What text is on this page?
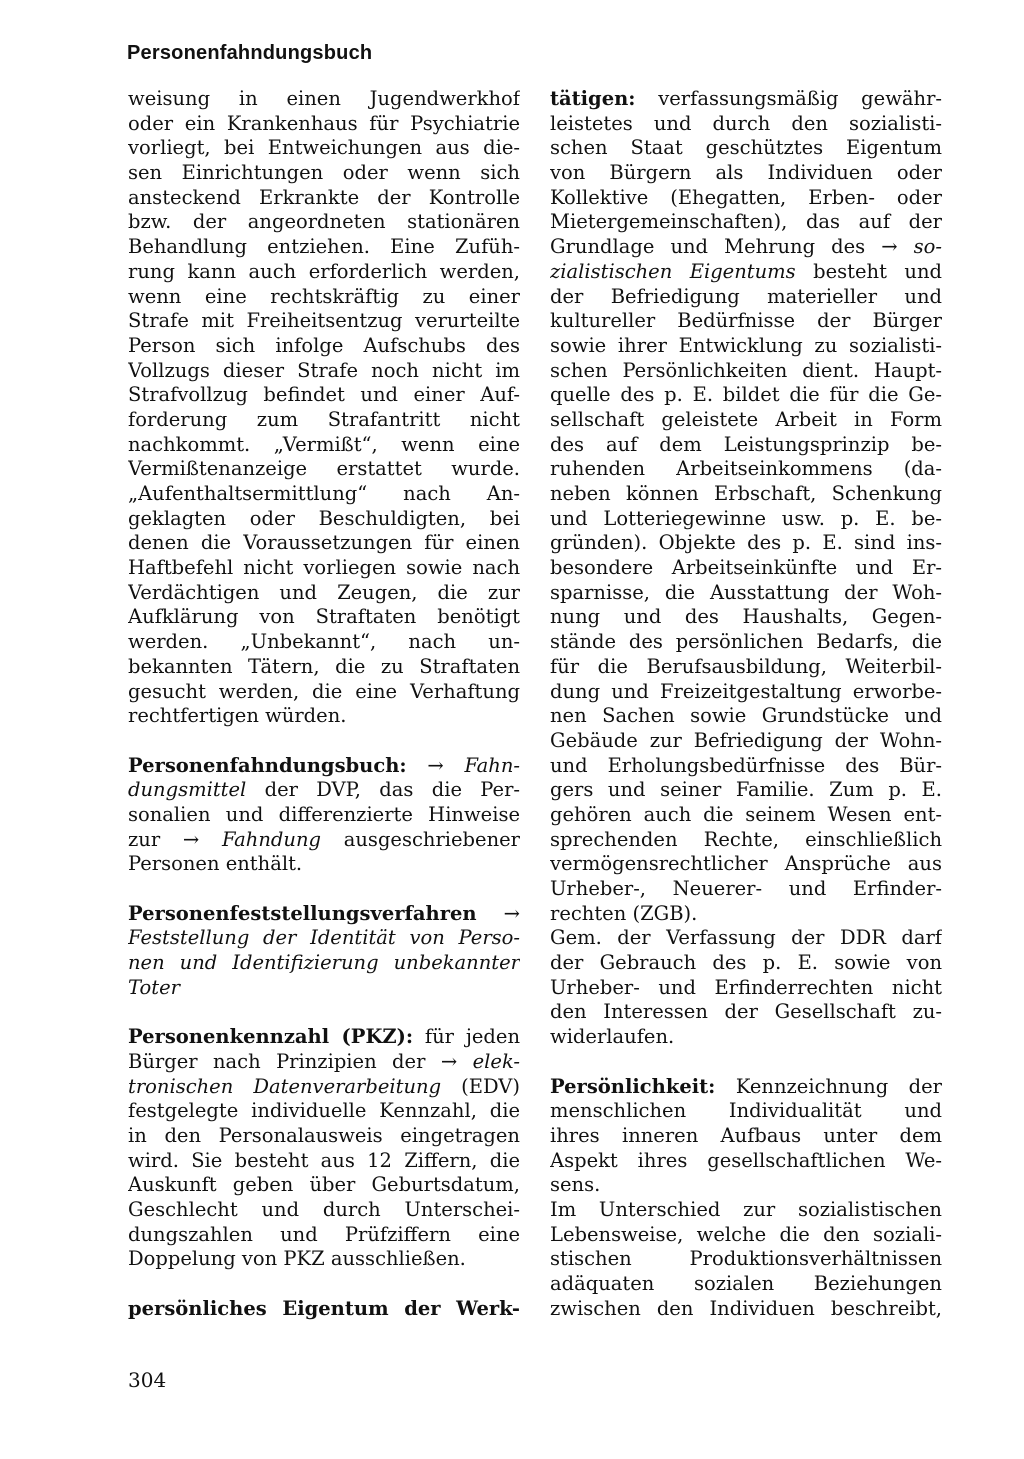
Personenfahndungsbuch
weisung in einen Jugendwerkhof
oder ein Krankenhaus für Psychiatrie
vorliegt, bei Entweichungen aus die-
sen Einrichtungen oder wenn sich
ansteckend Erkrankte der Kontrolle
bzw. der angeordneten stationären
Behandlung entziehen. Eine Zufüh-
rung kann auch erforderlich werden,
wenn eine rechtskräftig zu einer
Strafe mit Freiheitsentzug verurteilte
Person sich infolge Aufschubs des
Vollzugs dieser Strafe noch nicht im
Strafvollzug befindet und einer Auf-
forderung zum Strafantritt nicht
nachkommt. „Vermißt“, wenn eine
Vermißtenanzeige erstattet wurde.
„Aufenthaltsermittlung“ nach An-
geklagten oder Beschuldigten, bei
denen die Voraussetzungen für einen
Haftbefehl nicht vorliegen sowie nach
Verdächtigen und Zeugen, die zur
Aufklärung von Straftaten benötigt
werden. „Unbekannt“, nach un-
bekannten Tätern, die zu Straftaten
gesucht werden, die eine Verhaftung
rechtfertigen würden.
Personenfahndungsbuch: → Fahn-
dungsmittel der DVP, das die Per-
sonalien und differenzierte Hinweise
zur → Fahndung ausgeschriebener
Personen enthält.
Personenfeststellungsverfahren →
Feststellung der Identität von Perso-
nen und Identifizierung unbekannter
Toter
Personenkennzahl (PKZ): für jeden
Bürger nach Prinzipien der → elek-
tronischen Datenverarbeitung (EDV)
festgelegte individuelle Kennzahl, die
in den Personalausweis eingetragen
wird. Sie besteht aus 12 Ziffern, die
Auskunft geben über Geburtsdatum,
Geschlecht und durch Unterschei-
dungszahlen und Prüfziffern eine
Doppelung von PKZ ausschließen.
persönliches Eigentum der Werk-
tätigen: verfassungsmäßig gewähr-
leistetes und durch den sozialisti-
schen Staat geschütztes Eigentum
von Bürgern als Individuen oder
Kollektive (Ehegatten, Erben- oder
Mietergemeinschaften), das auf der
Grundlage und Mehrung des → so-
zialistischen Eigentums besteht und
der Befriedigung materieller und
kultureller Bedürfnisse der Bürger
sowie ihrer Entwicklung zu sozialisti-
schen Persönlichkeiten dient. Haupt-
quelle des p. E. bildet die für die Ge-
sellschaft geleistete Arbeit in Form
des auf dem Leistungsprinzip be-
ruhenden Arbeitseinkommens (da-
neben können Erbschaft, Schenkung
und Lotteriegewinne usw. p. E. be-
gründen). Objekte des p. E. sind ins-
besondere Arbeitseinkünfte und Er-
sparnisse, die Ausstattung der Woh-
nung und des Haushalts, Gegen-
stände des persönlichen Bedarfs, die
für die Berufsausbildung, Weiterbil-
dung und Freizeitgestaltung erworbe-
nen Sachen sowie Grundstücke und
Gebäude zur Befriedigung der Wohn-
und Erholungsbedürfnisse des Bür-
gers und seiner Familie. Zum p. E.
gehören auch die seinem Wesen ent-
sprechenden Rechte, einschließlich
vermögensrechtlicher Ansprüche aus
Urheber-, Neuerer- und Erfinder-
rechten (ZGB).
Gem. der Verfassung der DDR darf
der Gebrauch des p. E. sowie von
Urheber- und Erfinderrechten nicht
den Interessen der Gesellschaft zu-
widerlaufen.
Persönlichkeit: Kennzeichnung der
menschlichen Individualität und
ihres inneren Aufbaus unter dem
Aspekt ihres gesellschaftlichen We-
sens.
Im Unterschied zur sozialistischen
Lebensweise, welche die den soziali-
stischen Produktionsverhältnissen
adäquaten sozialen Beziehungen
zwischen den Individuen beschreibt,
304
